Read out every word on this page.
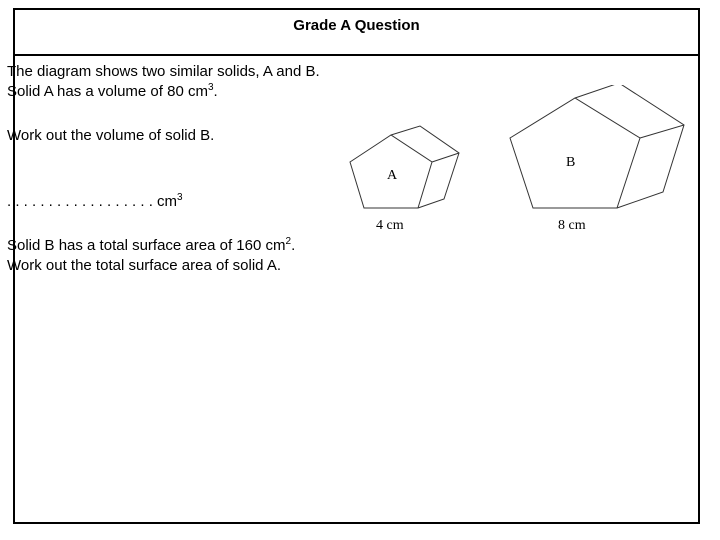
Grade A Question
The diagram shows two similar solids, A and B.
Solid A has a volume of 80 $cm^3$.
Work out the volume of solid B.
. . . . . . . . . . . . . . . . . . $cm^3$
Solid B has a total surface area of 160 $cm^2$.
Work out the total surface area of solid A.
A
B
4 cm	8 cm
